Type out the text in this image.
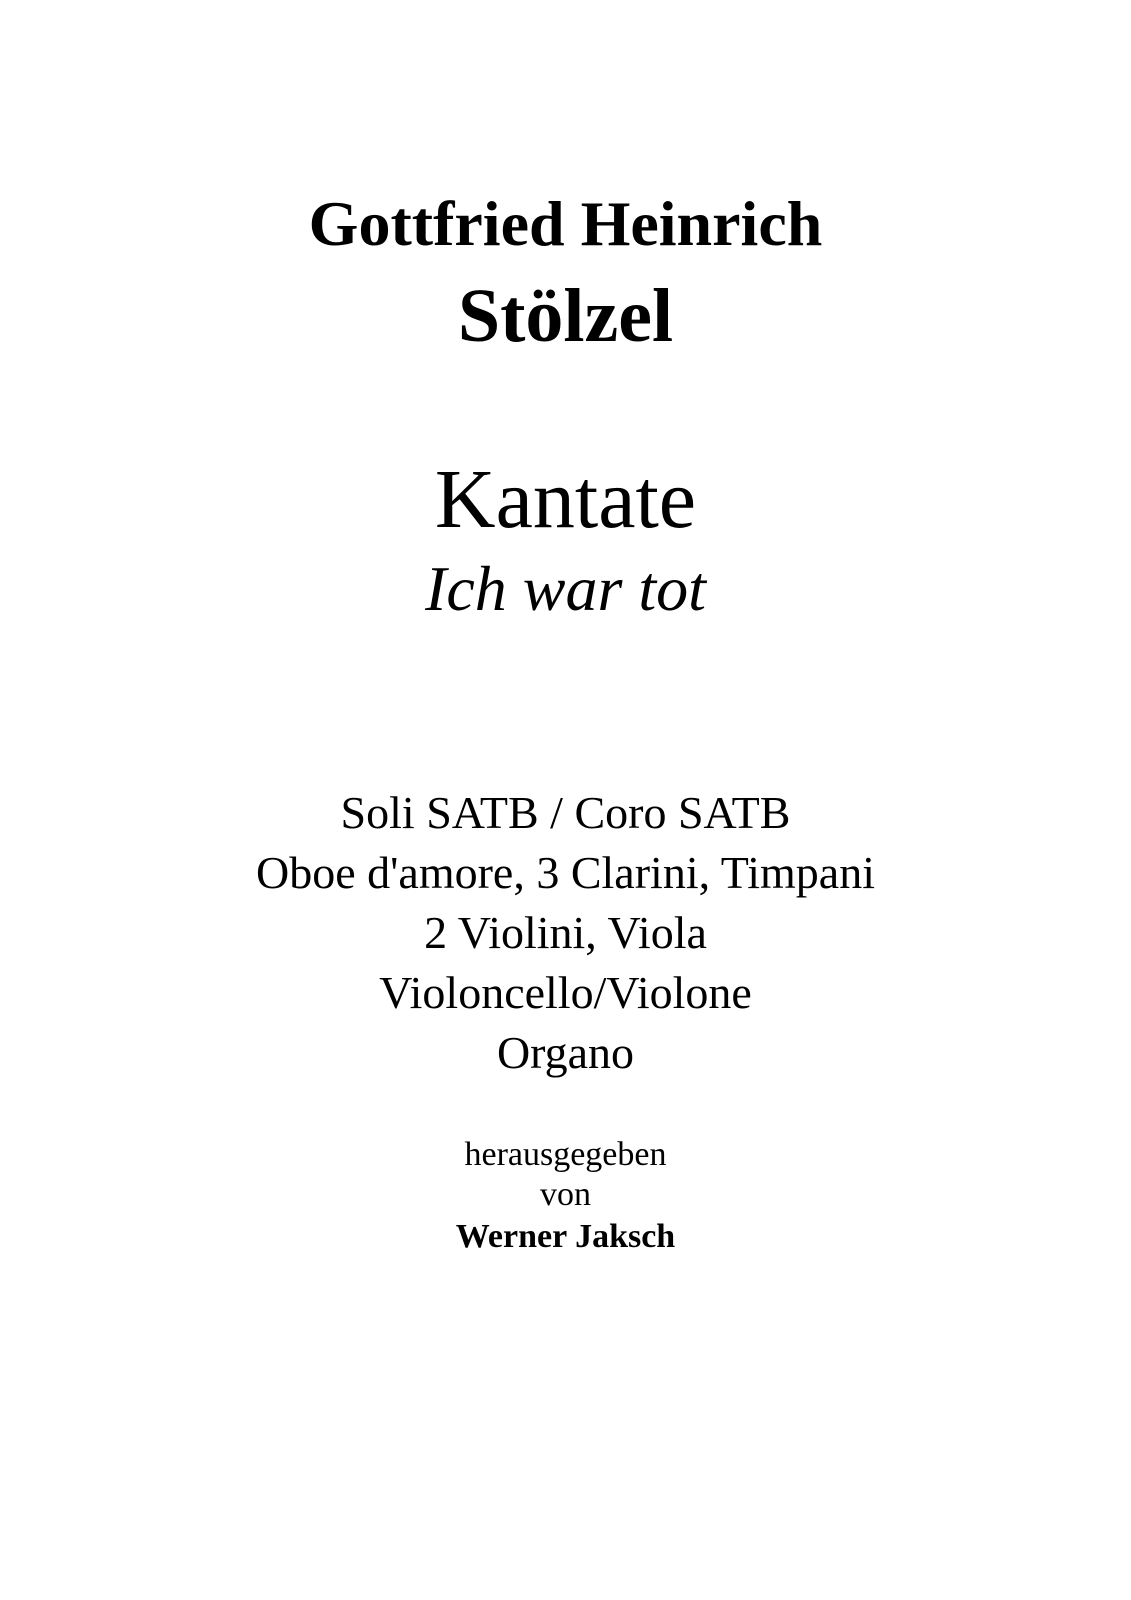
Gottfried Heinrich
Stölzel
Kantate
Ich war tot
Soli SATB / Coro SATB
Oboe d'amore, 3 Clarini, Timpani
2 Violini, Viola
Violoncello/Violone
Organo
herausgegeben
von
Werner Jaksch
